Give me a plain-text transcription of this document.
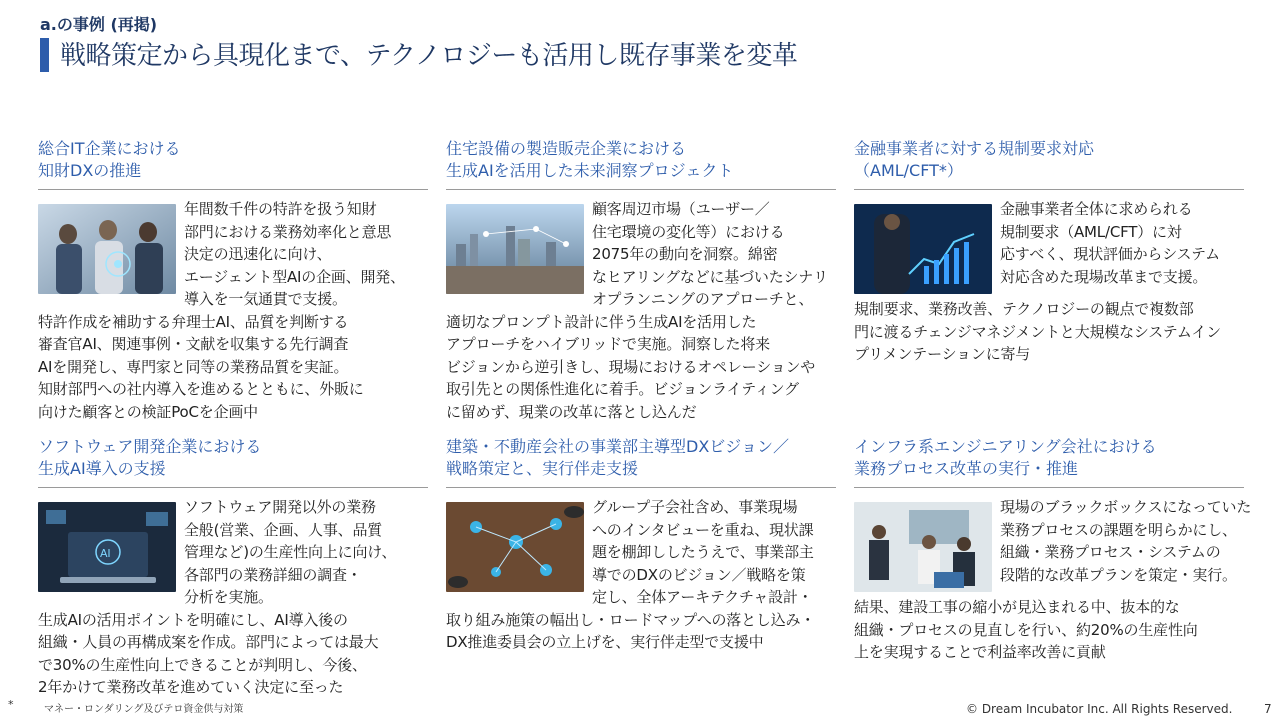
a.の事例 (再掲)
戦略策定から具現化まで、テクノロジーも活用し既存事業を変革
総合IT企業における
知財DXの推進
年間数千件の特許を扱う知財
部門における業務効率化と意思
決定の迅速化に向け、
エージェント型AIの企画、開発、
導入を一気通貫で支援。
特許作成を補助する弁理士AI、品質を判断する
審査官AI、関連事例・文献を収集する先行調査
AIを開発し、専門家と同等の業務品質を実証。
知財部門への社内導入を進めるとともに、外販に
向けた顧客との検証PoCを企画中
住宅設備の製造販売企業における
生成AIを活用した未来洞察プロジェクト
顧客周辺市場（ユーザー／
住宅環境の変化等）における
2075年の動向を洞察。綿密
なヒアリングなどに基づいたシナリ
オプランニングのアプローチと、
適切なプロンプト設計に伴う生成AIを活用した
アプローチをハイブリッドで実施。洞察した将来
ビジョンから逆引きし、現場におけるオペレーションや
取引先との関係性進化に着手。ビジョンライティング
に留めず、現業の改革に落とし込んだ
金融事業者に対する規制要求対応
（AML/CFT*）
金融事業者全体に求められる
規制要求（AML/CFT）に対
応すべく、現状評価からシステム
対応含めた現場改革まで支援。
規制要求、業務改善、テクノロジーの観点で複数部
門に渡るチェンジマネジメントと大規模なシステムイン
プリメンテーションに寄与
ソフトウェア開発企業における
生成AI導入の支援
AI
ソフトウェア開発以外の業務
全般(営業、企画、人事、品質
管理など)の生産性向上に向け、
各部門の業務詳細の調査・
分析を実施。
生成AIの活用ポイントを明確にし、AI導入後の
組織・人員の再構成案を作成。部門によっては最大
で30%の生産性向上できることが判明し、今後、
2年かけて業務改革を進めていく決定に至った
建築・不動産会社の事業部主導型DXビジョン／
戦略策定と、実行伴走支援
グループ子会社含め、事業現場
へのインタビューを重ね、現状課
題を棚卸ししたうえで、事業部主
導でのDXのビジョン／戦略を策
定し、全体アーキテクチャ設計・
取り組み施策の幅出し・ロードマップへの落とし込み・
DX推進委員会の立上げを、実行伴走型で支援中
インフラ系エンジニアリング会社における
業務プロセス改革の実行・推進
現場のブラックボックスになっていた
業務プロセスの課題を明らかにし、
組織・業務プロセス・システムの
段階的な改革プランを策定・実行。
結果、建設工事の縮小が見込まれる中、抜本的な
組織・プロセスの見直しを行い、約20%の生産性向
上を実現することで利益率改善に貢献
*	マネー・ロンダリング及びテロ資金供与対策	© Dream Incubator Inc. All Rights Reserved.	7
